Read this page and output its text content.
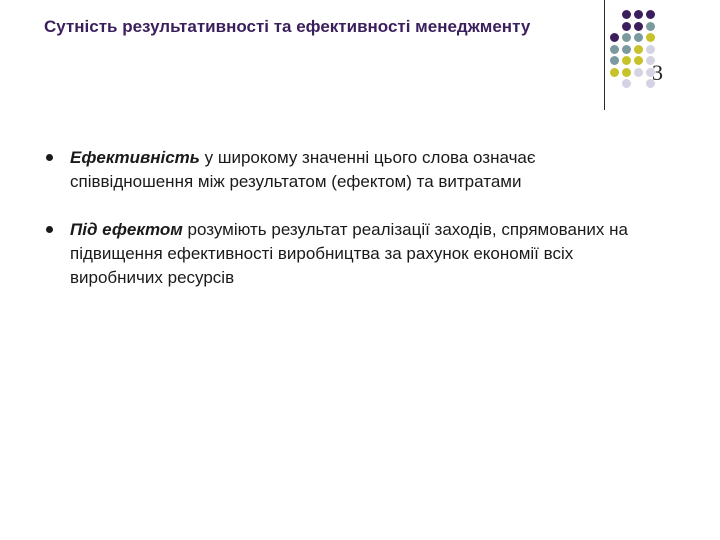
Сутність результативності та ефективності менеджменту
3
Ефективність у широкому значенні цього слова означає співвідношення між результатом (ефектом) та витратами
Під ефектом розуміють результат реалізації заходів, спрямованих на підвищення ефективності виробництва за рахунок економії всіх виробничих ресурсів
